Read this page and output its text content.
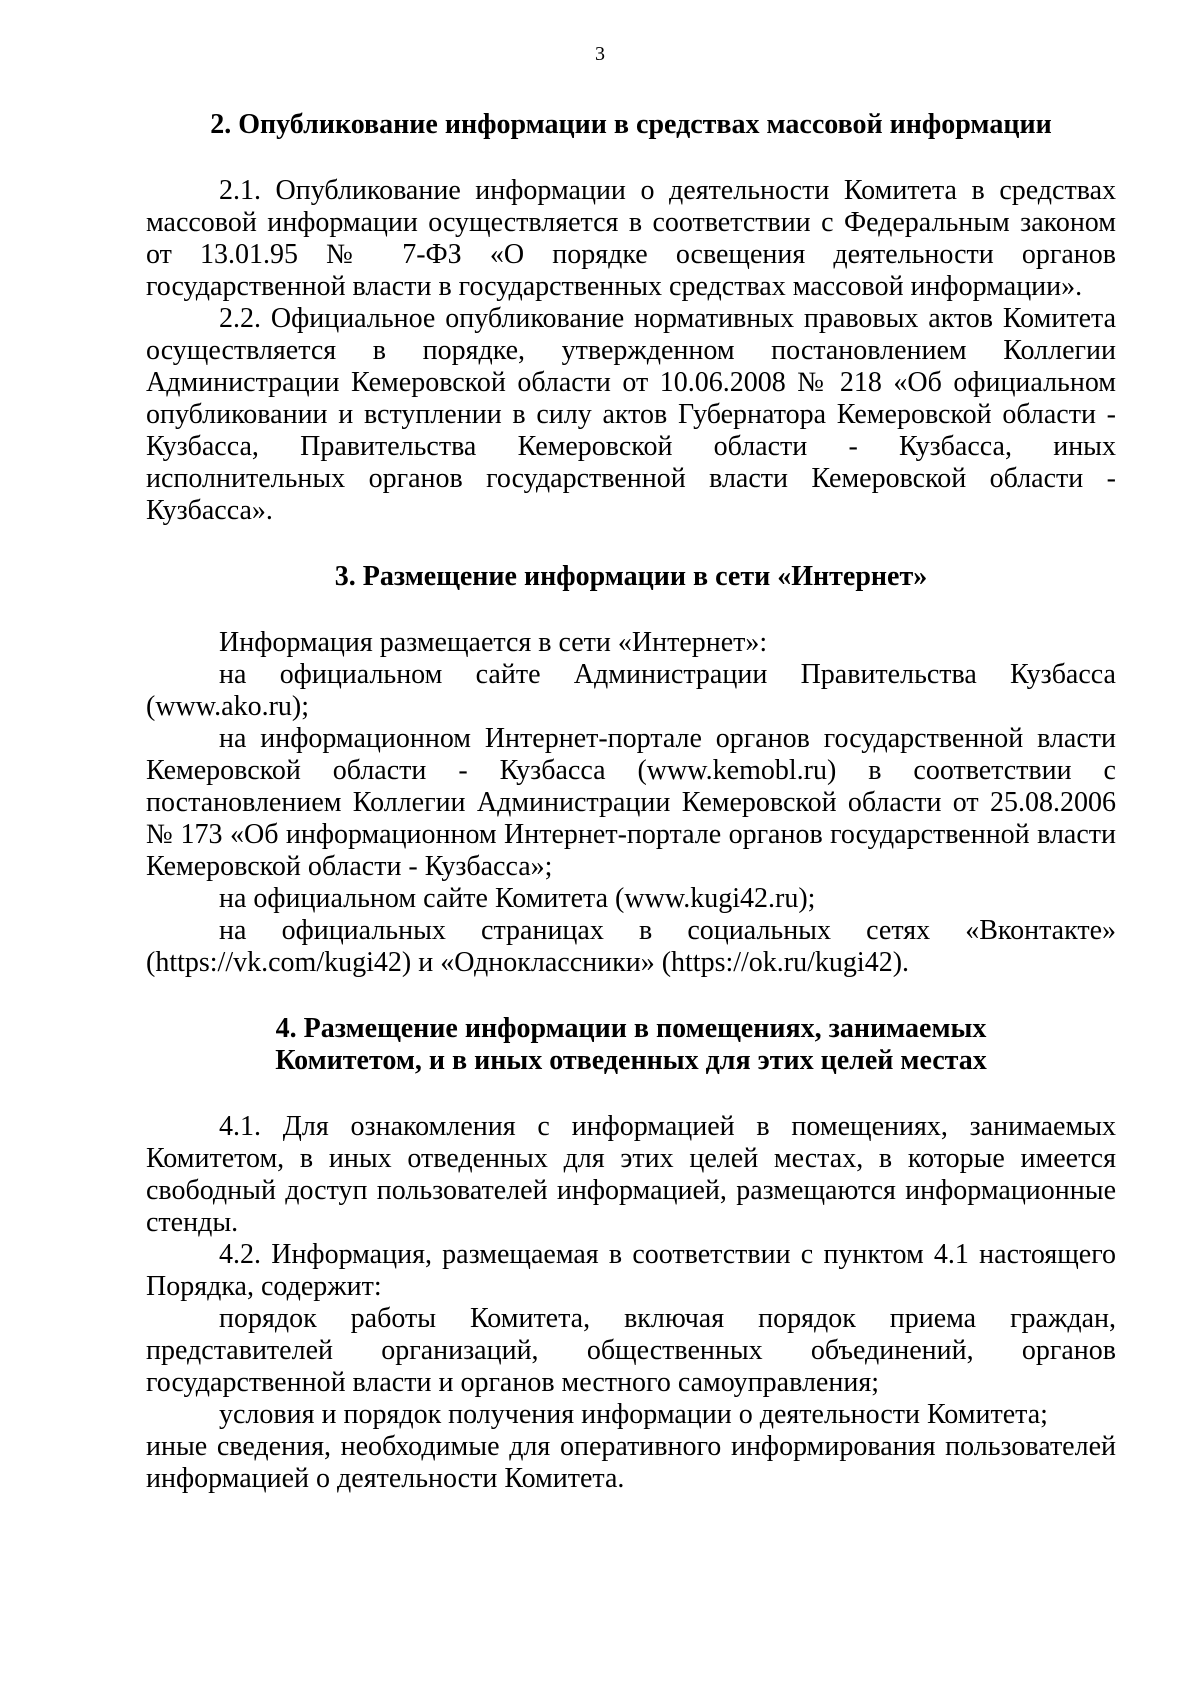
3

2. Опубликование информации в средствах массовой информации

2.1. Опубликование информации о деятельности Комитета в средствах массовой информации осуществляется в соответствии с Федеральным законом от 13.01.95 № 7-ФЗ «О порядке освещения деятельности органов государственной власти в государственных средствах массовой информации».

2.2. Официальное опубликование нормативных правовых актов Комитета осуществляется в порядке, утвержденном постановлением Коллегии Администрации Кемеровской области от 10.06.2008 № 218 «Об официальном опубликовании и вступлении в силу актов Губернатора Кемеровской области - Кузбасса, Правительства Кемеровской области - Кузбасса, иных исполнительных органов государственной власти Кемеровской области - Кузбасса».

3. Размещение информации в сети «Интернет»

Информация размещается в сети «Интернет»:

на официальном сайте Администрации Правительства Кузбасса (www.ako.ru);

на информационном Интернет-портале органов государственной власти Кемеровской области - Кузбасса (www.kemobl.ru) в соответствии с постановлением Коллегии Администрации Кемеровской области от 25.08.2006 № 173 «Об информационном Интернет-портале органов государственной власти Кемеровской области - Кузбасса»;

на официальном сайте Комитета (www.kugi42.ru);

на официальных страницах в социальных сетях «Вконтакте» (https://vk.com/kugi42) и «Одноклассники» (https://ok.ru/kugi42).

4. Размещение информации в помещениях, занимаемых
Комитетом, и в иных отведенных для этих целей местах

4.1. Для ознакомления с информацией в помещениях, занимаемых Комитетом, в иных отведенных для этих целей местах, в которые имеется свободный доступ пользователей информацией, размещаются информационные стенды.

4.2. Информация, размещаемая в соответствии с пунктом 4.1 настоящего Порядка, содержит:

порядок работы Комитета, включая порядок приема граждан, представителей организаций, общественных объединений, органов государственной власти и органов местного самоуправления;

условия и порядок получения информации о деятельности Комитета;

иные сведения, необходимые для оперативного информирования пользователей информацией о деятельности Комитета.
